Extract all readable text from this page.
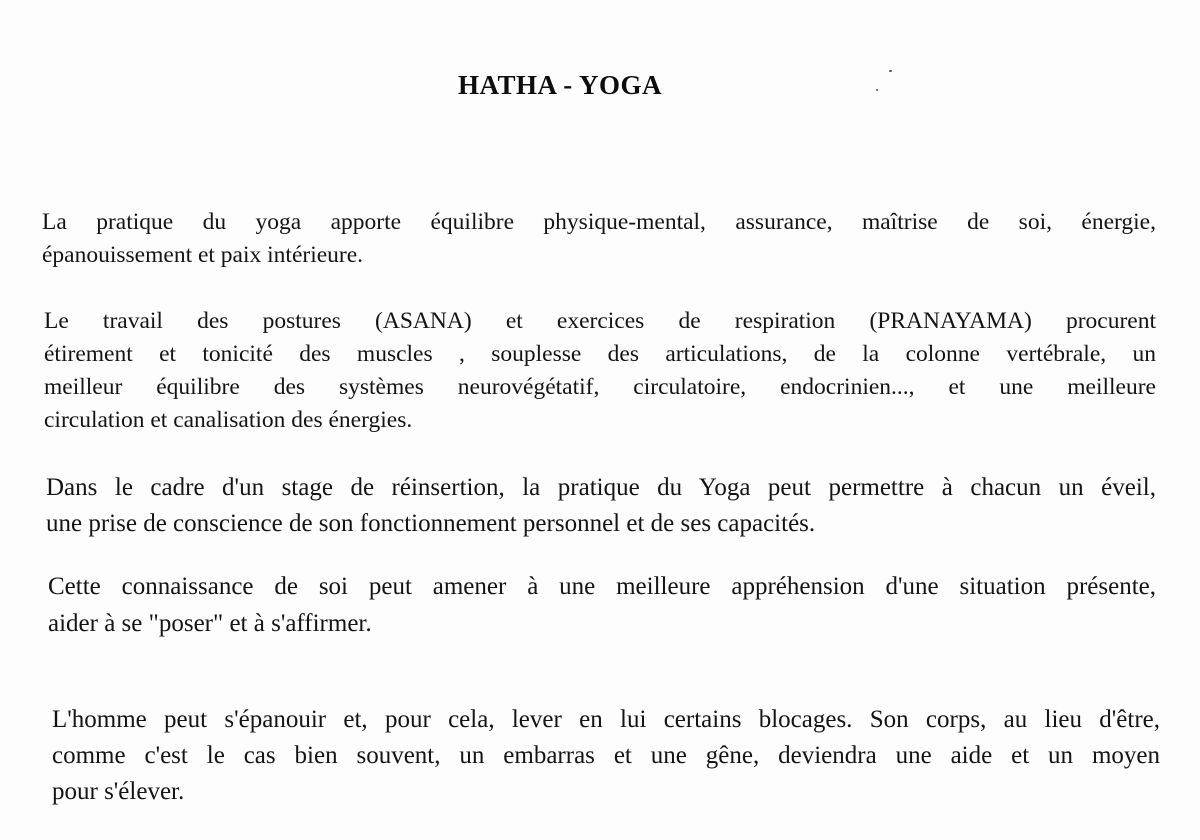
HATHA - YOGA
La pratique du yoga apporte équilibre physique-mental, assurance, maîtrise de soi, énergie,
épanouissement et paix intérieure.
Le travail des postures (ASANA) et exercices de respiration (PRANAYAMA) procurent
étirement et tonicité des muscles , souplesse des articulations, de la colonne vertébrale, un
meilleur équilibre des systèmes neurovégétatif, circulatoire, endocrinien..., et une meilleure
circulation et canalisation des énergies.
Dans le cadre d'un stage de réinsertion, la pratique du Yoga peut permettre à chacun un éveil,
une prise de conscience de son fonctionnement personnel et de ses capacités.
Cette connaissance de soi peut amener à une meilleure appréhension d'une situation présente,
aider à se "poser" et à s'affirmer.
L'homme peut s'épanouir et, pour cela, lever en lui certains blocages. Son corps, au lieu d'être,
comme c'est le cas bien souvent, un embarras et une gêne, deviendra une aide et un moyen
pour s'élever.
